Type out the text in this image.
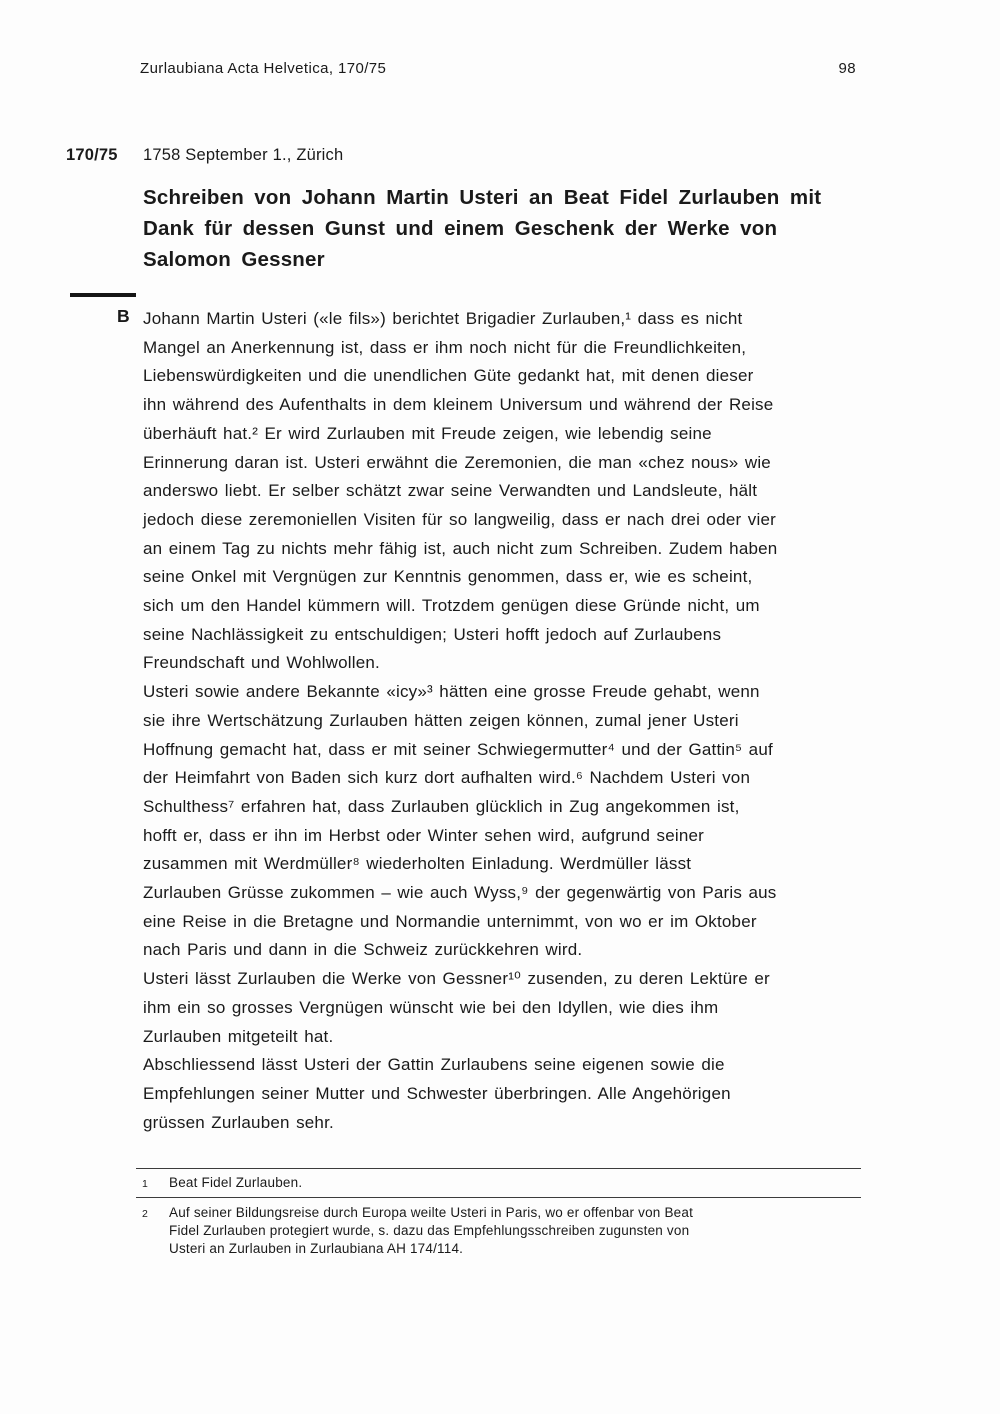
Zurlaubiana Acta Helvetica, 170/75	98
170/75 1758 September 1., Zürich
Schreiben von Johann Martin Usteri an Beat Fidel Zurlauben mit
Dank für dessen Gunst und einem Geschenk der Werke von
Salomon Gessner
B Johann Martin Usteri («le fils») berichtet Brigadier Zurlauben,¹ dass es nicht
Mangel an Anerkennung ist, dass er ihm noch nicht für die Freundlichkeiten,
Liebenswürdigkeiten und die unendlichen Güte gedankt hat, mit denen dieser
ihn während des Aufenthalts in dem kleinem Universum und während der Reise
überhäuft hat.² Er wird Zurlauben mit Freude zeigen, wie lebendig seine
Erinnerung daran ist. Usteri erwähnt die Zeremonien, die man «chez nous» wie
anderswo liebt. Er selber schätzt zwar seine Verwandten und Landsleute, hält
jedoch diese zeremoniellen Visiten für so langweilig, dass er nach drei oder vier
an einem Tag zu nichts mehr fähig ist, auch nicht zum Schreiben. Zudem haben
seine Onkel mit Vergnügen zur Kenntnis genommen, dass er, wie es scheint,
sich um den Handel kümmern will. Trotzdem genügen diese Gründe nicht, um
seine Nachlässigkeit zu entschuldigen; Usteri hofft jedoch auf Zurlaubens
Freundschaft und Wohlwollen.
Usteri sowie andere Bekannte «icy»³ hätten eine grosse Freude gehabt, wenn
sie ihre Wertschätzung Zurlauben hätten zeigen können, zumal jener Usteri
Hoffnung gemacht hat, dass er mit seiner Schwiegermutter⁴ und der Gattin⁵ auf
der Heimfahrt von Baden sich kurz dort aufhalten wird.⁶ Nachdem Usteri von
Schulthess⁷ erfahren hat, dass Zurlauben glücklich in Zug angekommen ist,
hofft er, dass er ihn im Herbst oder Winter sehen wird, aufgrund seiner
zusammen mit Werdmüller⁸ wiederholten Einladung. Werdmüller lässt
Zurlauben Grüsse zukommen – wie auch Wyss,⁹ der gegenwärtig von Paris aus
eine Reise in die Bretagne und Normandie unternimmt, von wo er im Oktober
nach Paris und dann in die Schweiz zurückkehren wird.
Usteri lässt Zurlauben die Werke von Gessner¹⁰ zusenden, zu deren Lektüre er
ihm ein so grosses Vergnügen wünscht wie bei den Idyllen, wie dies ihm
Zurlauben mitgeteilt hat.
Abschliessend lässt Usteri der Gattin Zurlaubens seine eigenen sowie die
Empfehlungen seiner Mutter und Schwester überbringen. Alle Angehörigen
grüssen Zurlauben sehr.
1	Beat Fidel Zurlauben.
2	Auf seiner Bildungsreise durch Europa weilte Usteri in Paris, wo er offenbar von Beat
Fidel Zurlauben protegiert wurde, s. dazu das Empfehlungsschreiben zugunsten von
Usteri an Zurlauben in Zurlaubiana AH 174/114.
